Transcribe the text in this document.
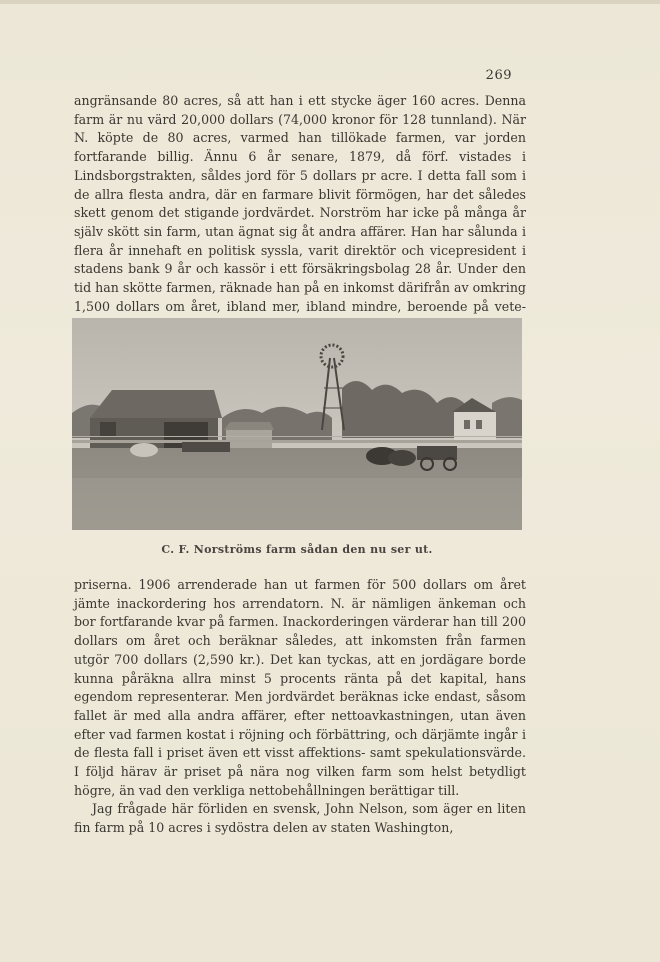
269

angränsande 80 acres, så att han i ett stycke äger 160 acres. Denna farm är nu värd 20,000 dollars (74,000 kronor för 128 tunnland). När N. köpte de 80 acres, varmed han tillökade farmen, var jorden fortfarande billig. Ännu 6 år senare, 1879, då förf. vistades i Lindsborgstrakten, såldes jord för 5 dollars pr acre. I detta fall som i de allra flesta andra, där en farmare blivit förmögen, har det således skett genom det stigande jordvärdet. Norström har icke på många år själv skött sin farm, utan ägnat sig åt andra affärer. Han har sålunda i flera år innehaft en politisk syssla, varit direktör och vicepresident i stadens bank 9 år och kassör i ett försäkringsbolag 28 år. Under den tid han skötte farmen, räknade han på en inkomst därifrån av omkring 1,500 dollars om året, ibland mer, ibland mindre, beroende på vete-

C. F. Norströms farm sådan den nu ser ut.

priserna. 1906 arrenderade han ut farmen för 500 dollars om året jämte inackordering hos arrendatorn. N. är nämligen änkeman och bor fortfarande kvar på farmen. Inackorderingen värderar han till 200 dollars om året och beräknar således, att inkomsten från farmen utgör 700 dollars (2,590 kr.). Det kan tyckas, att en jordägare borde kunna påräkna allra minst 5 procents ränta på det kapital, hans egendom representerar. Men jordvärdet beräknas icke endast, såsom fallet är med alla andra affärer, efter nettoavkastningen, utan även efter vad farmen kostat i röjning och förbättring, och därjämte ingår i de flesta fall i priset även ett visst affektions- samt spekulationsvärde. I följd härav är priset på nära nog vilken farm som helst betydligt högre, än vad den verkliga nettobehållningen berättigar till.

Jag frågade här förliden en svensk, John Nelson, som äger en liten fin farm på 10 acres i sydöstra delen av staten Washington,
